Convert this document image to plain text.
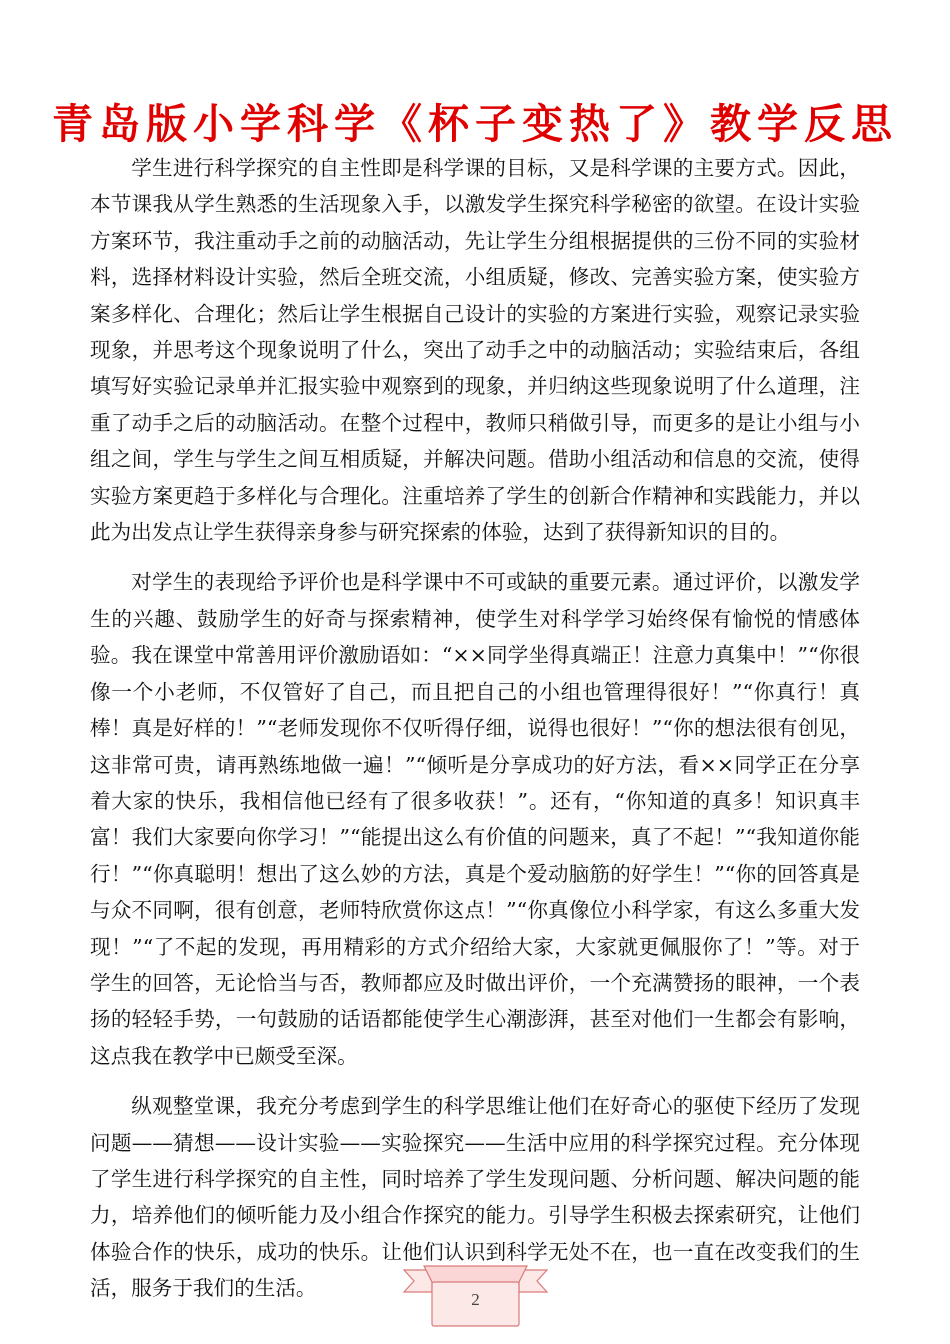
青岛版小学科学《杯子变热了》教学反思

学生进行科学探究的自主性即是科学课的目标，又是科学课的主要方式。因此，本节课我从学生熟悉的生活现象入手，以激发学生探究科学秘密的欲望。在设计实验方案环节，我注重动手之前的动脑活动，先让学生分组根据提供的三份不同的实验材料，选择材料设计实验，然后全班交流，小组质疑，修改、完善实验方案，使实验方案多样化、合理化；然后让学生根据自己设计的实验的方案进行实验，观察记录实验现象，并思考这个现象说明了什么，突出了动手之中的动脑活动；实验结束后，各组填写好实验记录单并汇报实验中观察到的现象，并归纳这些现象说明了什么道理，注重了动手之后的动脑活动。在整个过程中，教师只稍做引导，而更多的是让小组与小组之间，学生与学生之间互相质疑，并解决问题。借助小组活动和信息的交流，使得实验方案更趋于多样化与合理化。注重培养了学生的创新合作精神和实践能力，并以此为出发点让学生获得亲身参与研究探索的体验，达到了获得新知识的目的。

对学生的表现给予评价也是科学课中不可或缺的重要元素。通过评价，以激发学生的兴趣、鼓励学生的好奇与探索精神，使学生对科学学习始终保有愉悦的情感体验。我在课堂中常善用评价激励语如：“××同学坐得真端正！注意力真集中！”“你很像一个小老师，不仅管好了自己，而且把自己的小组也管理得很好！”“你真行！真棒！真是好样的！”“老师发现你不仅听得仔细，说得也很好！”“你的想法很有创见，这非常可贵，请再熟练地做一遍！”“倾听是分享成功的好方法，看××同学正在分享着大家的快乐，我相信他已经有了很多收获！”。还有，“你知道的真多！知识真丰富！我们大家要向你学习！”“能提出这么有价值的问题来，真了不起！”“我知道你能行！”“你真聪明！想出了这么妙的方法，真是个爱动脑筋的好学生！”“你的回答真是与众不同啊，很有创意，老师特欣赏你这点！”“你真像位小科学家，有这么多重大发现！”“了不起的发现，再用精彩的方式介绍给大家，大家就更佩服你了！”等。对于学生的回答，无论恰当与否，教师都应及时做出评价，一个充满赞扬的眼神，一个表扬的轻轻手势，一句鼓励的话语都能使学生心潮澎湃，甚至对他们一生都会有影响，这点我在教学中已颇受至深。

纵观整堂课，我充分考虑到学生的科学思维让他们在好奇心的驱使下经历了发现问题——猜想——设计实验——实验探究——生活中应用的科学探究过程。充分体现了学生进行科学探究的自主性，同时培养了学生发现问题、分析问题、解决问题的能力，培养他们的倾听能力及小组合作探究的能力。引导学生积极去探索研究，让他们体验合作的快乐，成功的快乐。让他们认识到科学无处不在，也一直在改变我们的生活，服务于我们的生活。	2
